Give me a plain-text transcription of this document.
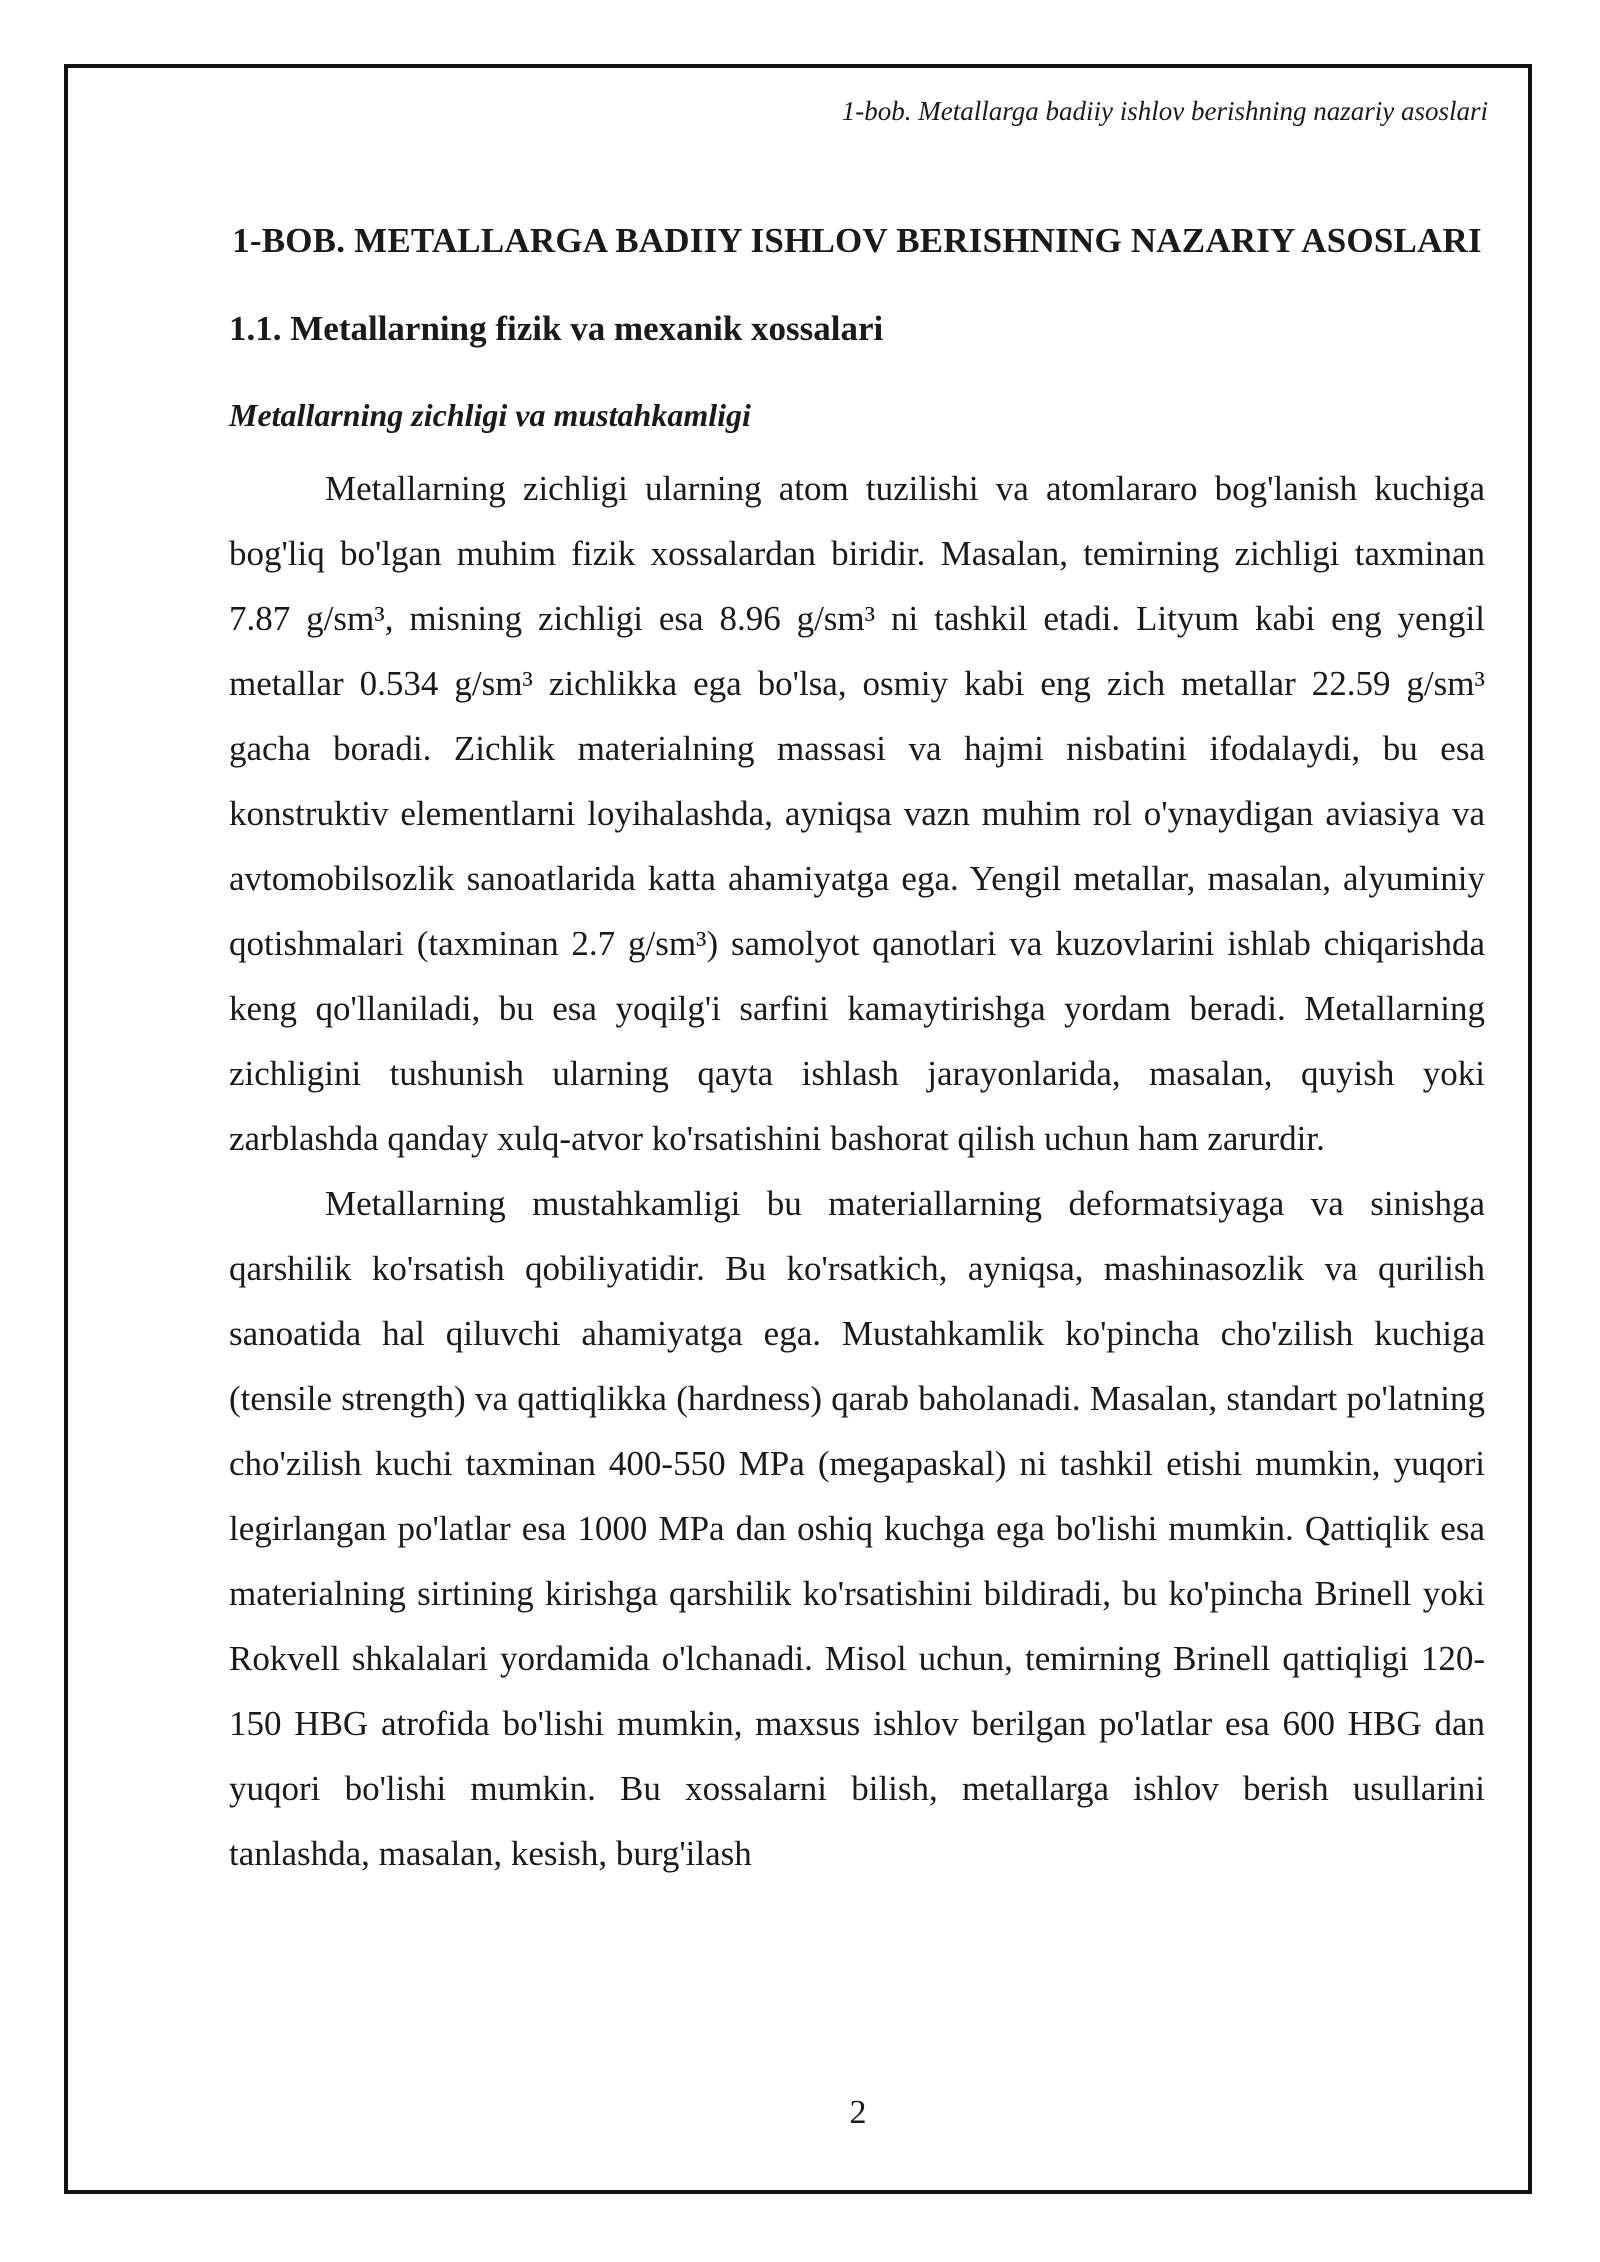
1-bob. Metallarga badiiy ishlov berishning nazariy asoslari
1-BOB. METALLARGA BADIIY ISHLOV BERISHNING NAZARIY ASOSLARI
1.1. Metallarning fizik va mexanik xossalari
Metallarning zichligi va mustahkamligi

Metallarning zichligi ularning atom tuzilishi va atomlararo bog'lanish kuchiga bog'liq bo'lgan muhim fizik xossalardan biridir. Masalan, temirning zichligi taxminan 7.87 g/sm³, misning zichligi esa 8.96 g/sm³ ni tashkil etadi. Lityum kabi eng yengil metallar 0.534 g/sm³ zichlikka ega bo'lsa, osmiy kabi eng zich metallar 22.59 g/sm³ gacha boradi. Zichlik materialning massasi va hajmi nisbatini ifodalaydi, bu esa konstruktiv elementlarni loyihalashda, ayniqsa vazn muhim rol o'ynaydigan aviasiya va avtomobilsozlik sanoatlarida katta ahamiyatga ega. Yengil metallar, masalan, alyuminiy qotishmalari (taxminan 2.7 g/sm³) samolyot qanotlari va kuzovlarini ishlab chiqarishda keng qo'llaniladi, bu esa yoqilg'i sarfini kamaytirishga yordam beradi. Metallarning zichligini tushunish ularning qayta ishlash jarayonlarida, masalan, quyish yoki zarblashda qanday xulq-atvor ko'rsatishini bashorat qilish uchun ham zarurdir.

Metallarning mustahkamligi bu materiallarning deformatsiyaga va sinishga qarshilik ko'rsatish qobiliyatidir. Bu ko'rsatkich, ayniqsa, mashinasozlik va qurilish sanoatida hal qiluvchi ahamiyatga ega. Mustahkamlik ko'pincha cho'zilish kuchiga (tensile strength) va qattiqlikka (hardness) qarab baholanadi. Masalan, standart po'latning cho'zilish kuchi taxminan 400-550 MPa (megapaskal) ni tashkil etishi mumkin, yuqori legirlangan po'latlar esa 1000 MPa dan oshiq kuchga ega bo'lishi mumkin. Qattiqlik esa materialning sirtining kirishga qarshilik ko'rsatishini bildiradi, bu ko'pincha Brinell yoki Rokvell shkalalari yordamida o'lchanadi. Misol uchun, temirning Brinell qattiqligi 120-150 HBG atrofida bo'lishi mumkin, maxsus ishlov berilgan po'latlar esa 600 HBG dan yuqori bo'lishi mumkin. Bu xossalarni bilish, metallarga ishlov berish usullarini tanlashda, masalan, kesish, burg'ilash

2
